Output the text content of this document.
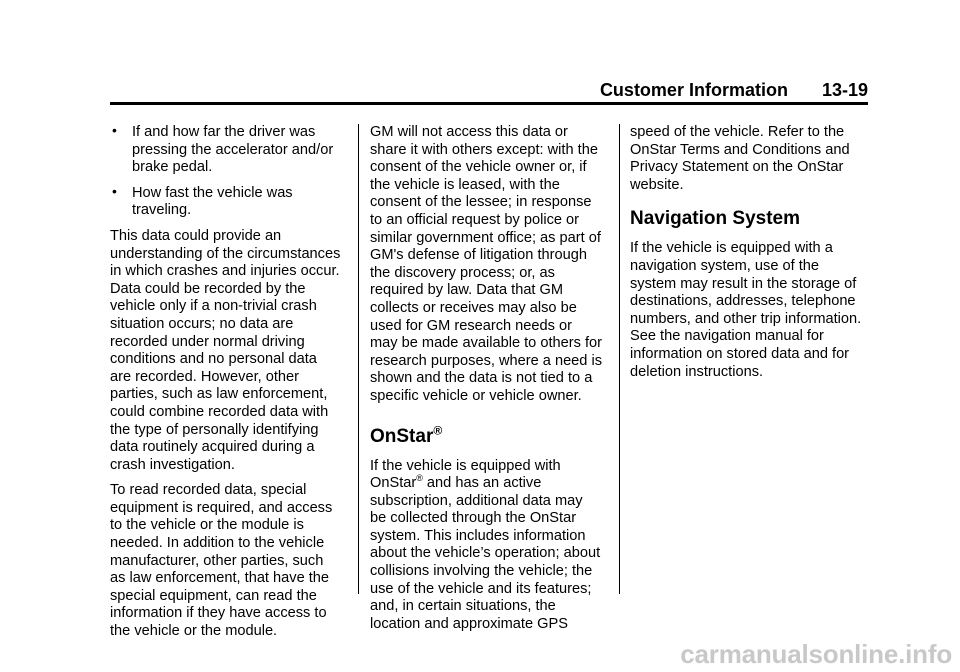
Customer Information 13-19
• If and how far the driver was pressing the accelerator and/or brake pedal.
• How fast the vehicle was traveling.

This data could provide an understanding of the circumstances in which crashes and injuries occur. Data could be recorded by the vehicle only if a non-trivial crash situation occurs; no data are recorded under normal driving conditions and no personal data are recorded. However, other parties, such as law enforcement, could combine recorded data with the type of personally identifying data routinely acquired during a crash investigation.

To read recorded data, special equipment is required, and access to the vehicle or the module is needed. In addition to the vehicle manufacturer, other parties, such as law enforcement, that have the special equipment, can read the information if they have access to the vehicle or the module.

GM will not access this data or share it with others except: with the consent of the vehicle owner or, if the vehicle is leased, with the consent of the lessee; in response to an official request by police or similar government office; as part of GM's defense of litigation through the discovery process; or, as required by law. Data that GM collects or receives may also be used for GM research needs or may be made available to others for research purposes, where a need is shown and the data is not tied to a specific vehicle or vehicle owner.

OnStar®

If the vehicle is equipped with OnStar® and has an active subscription, additional data may be collected through the OnStar system. This includes information about the vehicle’s operation; about collisions involving the vehicle; the use of the vehicle and its features; and, in certain situations, the location and approximate GPS

speed of the vehicle. Refer to the OnStar Terms and Conditions and Privacy Statement on the OnStar website.

Navigation System

If the vehicle is equipped with a navigation system, use of the system may result in the storage of destinations, addresses, telephone numbers, and other trip information. See the navigation manual for information on stored data and for deletion instructions.

carmanualsonline.info
